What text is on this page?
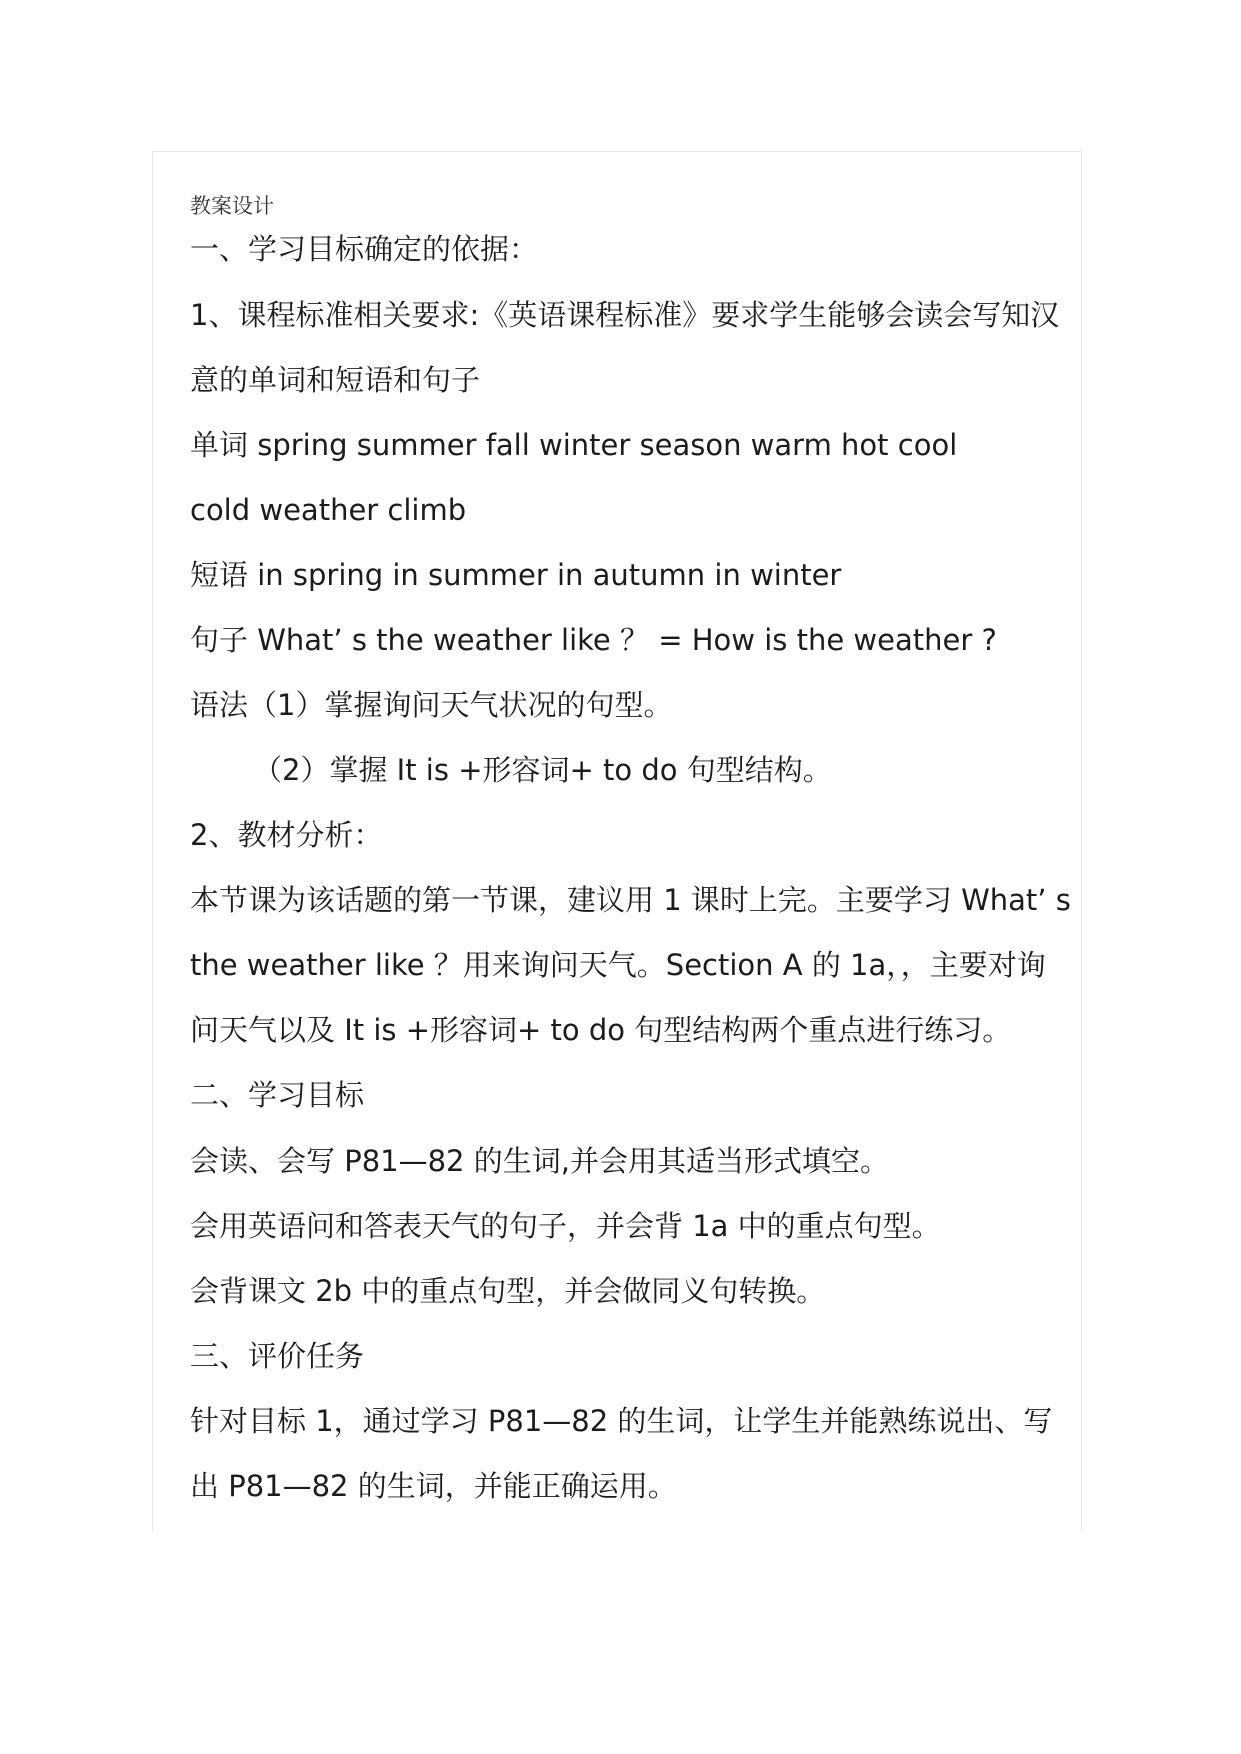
教案设计
一、学习目标确定的依据：
1、课程标准相关要求:《英语课程标准》要求学生能够会读会写知汉
意的单词和短语和句子
单词 spring summer fall winter season warm hot cool
cold weather climb
短语 in spring in summer in autumn in winter
句子 What’ s the weather like ？ = How is the weather ?
语法（1）掌握询问天气状况的句型。
（2）掌握 It is +形容词+ to do 句型结构。
2、教材分析：
本节课为该话题的第一节课，建议用 1 课时上完。主要学习 What’ s
the weather like ？用来询问天气。Section A 的 1a，，主要对询
问天气以及 It is +形容词+ to do 句型结构两个重点进行练习。
二、学习目标
会读、会写 P81—82 的生词,并会用其适当形式填空。
会用英语问和答表天气的句子，并会背 1a 中的重点句型。
会背课文 2b 中的重点句型，并会做同义句转换。
三、评价任务
针对目标 1，通过学习 P81—82 的生词，让学生并能熟练说出、写
出 P81—82 的生词，并能正确运用。
